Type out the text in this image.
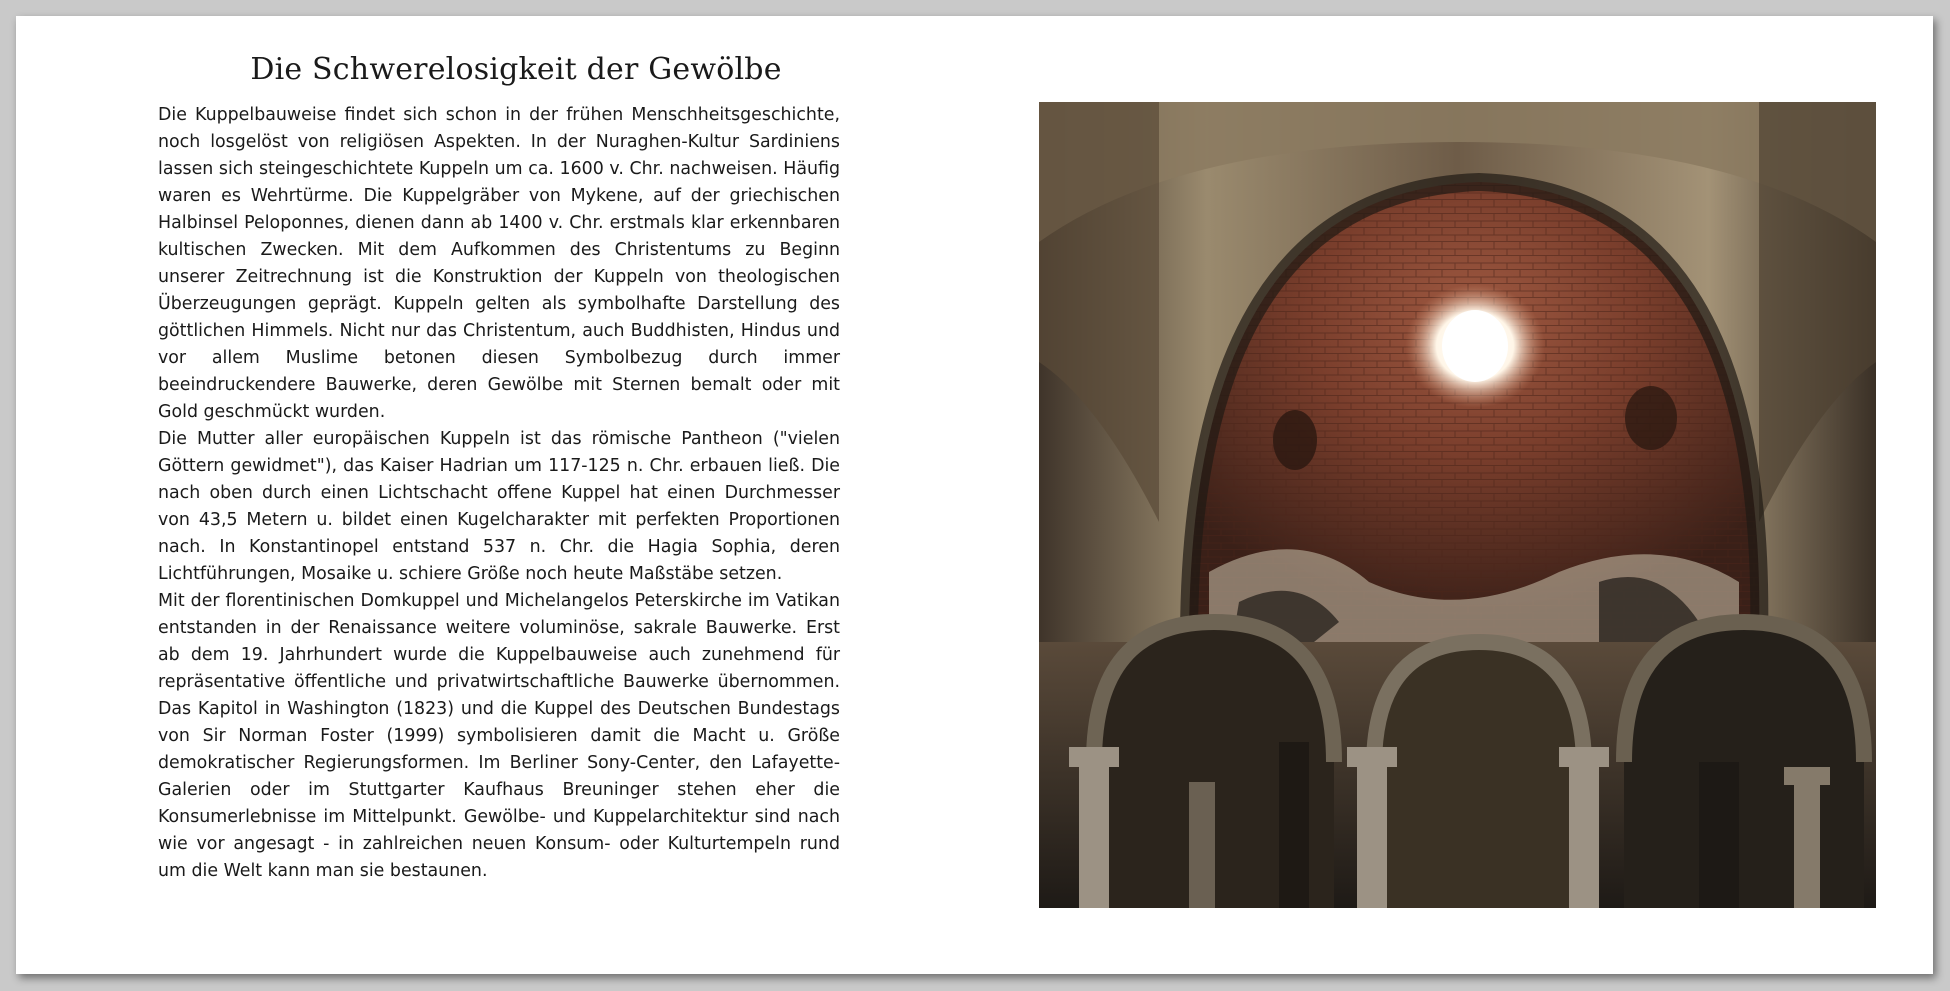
Die Schwerelosigkeit der Gewölbe

Die Kuppelbauweise findet sich schon in der frühen Menschheitsgeschichte, noch losgelöst von religiösen Aspekten. In der Nuraghen-Kultur Sardiniens lassen sich steingeschichtete Kuppeln um ca. 1600 v. Chr. nachweisen. Häufig waren es Wehrtürme. Die Kuppelgräber von Mykene, auf der griechischen Halbinsel Peloponnes, dienen dann ab 1400 v. Chr. erstmals klar erkennbaren kultischen Zwecken. Mit dem Aufkommen des Christentums zu Beginn unserer Zeitrechnung ist die Konstruktion der Kuppeln von theologischen Überzeugungen geprägt. Kuppeln gelten als symbolhafte Darstellung des göttlichen Himmels. Nicht nur das Christentum, auch Buddhisten, Hindus und vor allem Muslime betonen diesen Symbolbezug durch immer beeindruckendere Bauwerke, deren Gewölbe mit Sternen bemalt oder mit Gold geschmückt wurden.

Die Mutter aller europäischen Kuppeln ist das römische Pantheon ("vielen Göttern gewidmet"), das Kaiser Hadrian um 117-125 n. Chr. erbauen ließ. Die nach oben durch einen Lichtschacht offene Kuppel hat einen Durchmesser von 43,5 Metern u. bildet einen Kugelcharakter mit perfekten Proportionen nach. In Konstantinopel entstand 537 n. Chr. die Hagia Sophia, deren Lichtführungen, Mosaike u. schiere Größe noch heute Maßstäbe setzen.

Mit der florentinischen Domkuppel und Michelangelos Peterskirche im Vatikan entstanden in der Renaissance weitere voluminöse, sakrale Bauwerke. Erst ab dem 19. Jahrhundert wurde die Kuppelbauweise auch zunehmend für repräsentative öffentliche und privatwirtschaftliche Bauwerke übernommen. Das Kapitol in Washington (1823) und die Kuppel des Deutschen Bundestags von Sir Norman Foster (1999) symbolisieren damit die Macht u. Größe demokratischer Regierungsformen. Im Berliner Sony-Center, den Lafayette-Galerien oder im Stuttgarter Kaufhaus Breuninger stehen eher die Konsumerlebnisse im Mittelpunkt. Gewölbe- und Kuppelarchitektur sind nach wie vor angesagt - in zahlreichen neuen Konsum- oder Kulturtempeln rund um die Welt kann man sie bestaunen.
